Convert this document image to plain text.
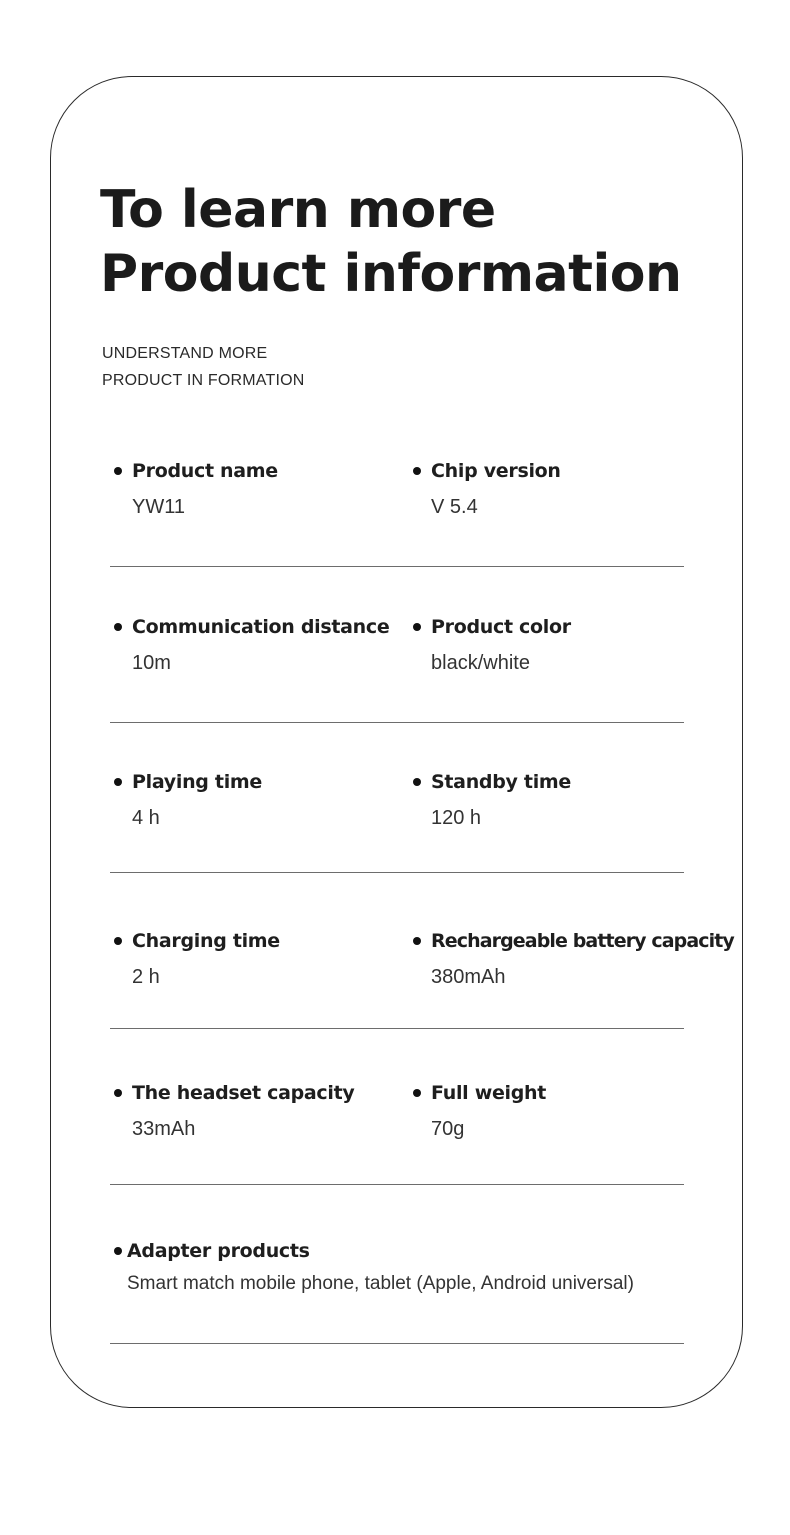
To learn more
Product information
UNDERSTAND MORE
PRODUCT IN FORMATION
Product name
YW11
Chip version
V 5.4
Communication distance
10m
Product color
black/white
Playing time
4 h
Standby time
120 h
Charging time
2 h
Rechargeable battery capacity
380mAh
The headset capacity
33mAh
Full weight
70g
Adapter products
Smart match mobile phone, tablet (Apple, Android universal)
